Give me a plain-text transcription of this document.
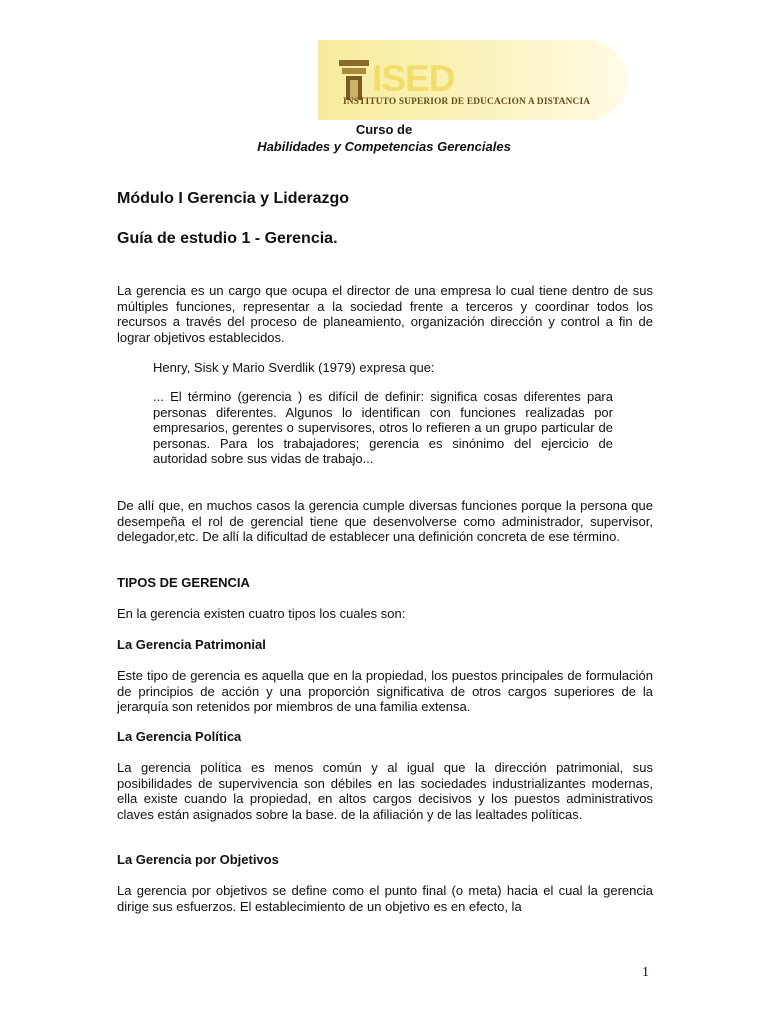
ISED
INSTITUTO SUPERIOR DE EDUCACION A DISTANCIA
Curso de
Habilidades y Competencias Gerenciales
Módulo I Gerencia y Liderazgo
Guía de estudio 1 - Gerencia.

La gerencia es un cargo que ocupa el director de una empresa lo cual tiene dentro de sus múltiples funciones, representar a la sociedad frente a terceros y coordinar todos los recursos a través del proceso de planeamiento, organización dirección y control a fin de lograr objetivos establecidos.

Henry, Sisk y Mario Sverdlik (1979) expresa que:

... El término (gerencia ) es difícil de definir: significa cosas diferentes para personas diferentes. Algunos lo identifican con funciones realizadas por empresarios, gerentes o supervisores, otros lo refieren a un grupo particular de personas. Para los trabajadores; gerencia es sinónimo del ejercicio de autoridad sobre sus vidas de trabajo...

De allí que, en muchos casos la gerencia cumple diversas funciones porque la persona que desempeña el rol de gerencial tiene que desenvolverse como administrador, supervisor, delegador,etc. De allí la dificultad de establecer una definición concreta de ese término.

TIPOS DE GERENCIA

En la gerencia existen cuatro tipos los cuales son:

La Gerencia Patrimonial

Este tipo de gerencia es aquella que en la propiedad, los puestos principales de formulación de principios de acción y una proporción significativa de otros cargos superiores de la jerarquía son retenidos por miembros de una familia extensa.

La Gerencia Política

La gerencia política es menos común y al igual que la dirección patrimonial, sus posibilidades de supervivencia son débiles en las sociedades industrializantes modernas, ella existe cuando la propiedad, en altos cargos decisivos y los puestos administrativos claves están asignados sobre la base. de la afiliación y de las lealtades políticas.

La Gerencia por Objetivos

La gerencia por objetivos se define como el punto final (o meta) hacia el cual la gerencia dirige sus esfuerzos. El establecimiento de un objetivo es en efecto, la

1
